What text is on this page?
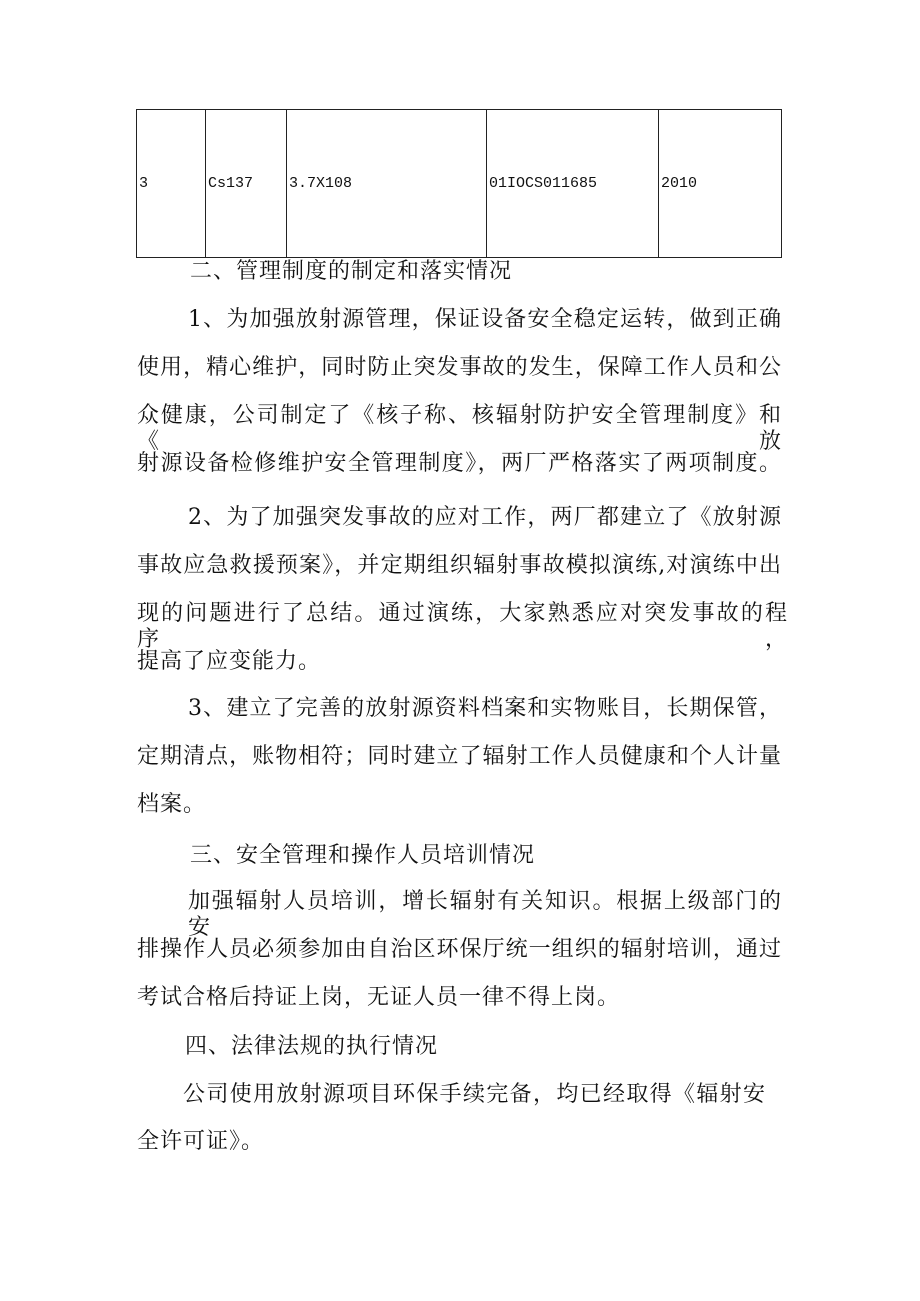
3	Cs137	3.7X108	01IOCS011685	2010

二、管理制度的制定和落实情况

1、为加强放射源管理，保证设备安全稳定运转，做到正确

使用，精心维护，同时防止突发事故的发生，保障工作人员和公

众健康，公司制定了《核子称、核辐射防护安全管理制度》和《放

射源设备检修维护安全管理制度》，两厂严格落实了两项制度。

2、为了加强突发事故的应对工作，两厂都建立了《放射源

事故应急救援预案》，并定期组织辐射事故模拟演练,对演练中出

现的问题进行了总结。通过演练，大家熟悉应对突发事故的程序，

提高了应变能力。

3、建立了完善的放射源资料档案和实物账目，长期保管，

定期清点，账物相符；同时建立了辐射工作人员健康和个人计量

档案。

三、安全管理和操作人员培训情况

加强辐射人员培训，增长辐射有关知识。根据上级部门的安

排操作人员必须参加由自治区环保厅统一组织的辐射培训，通过

考试合格后持证上岗，无证人员一律不得上岗。

四、法律法规的执行情况

公司使用放射源项目环保手续完备，均已经取得《辐射安

全许可证》。
